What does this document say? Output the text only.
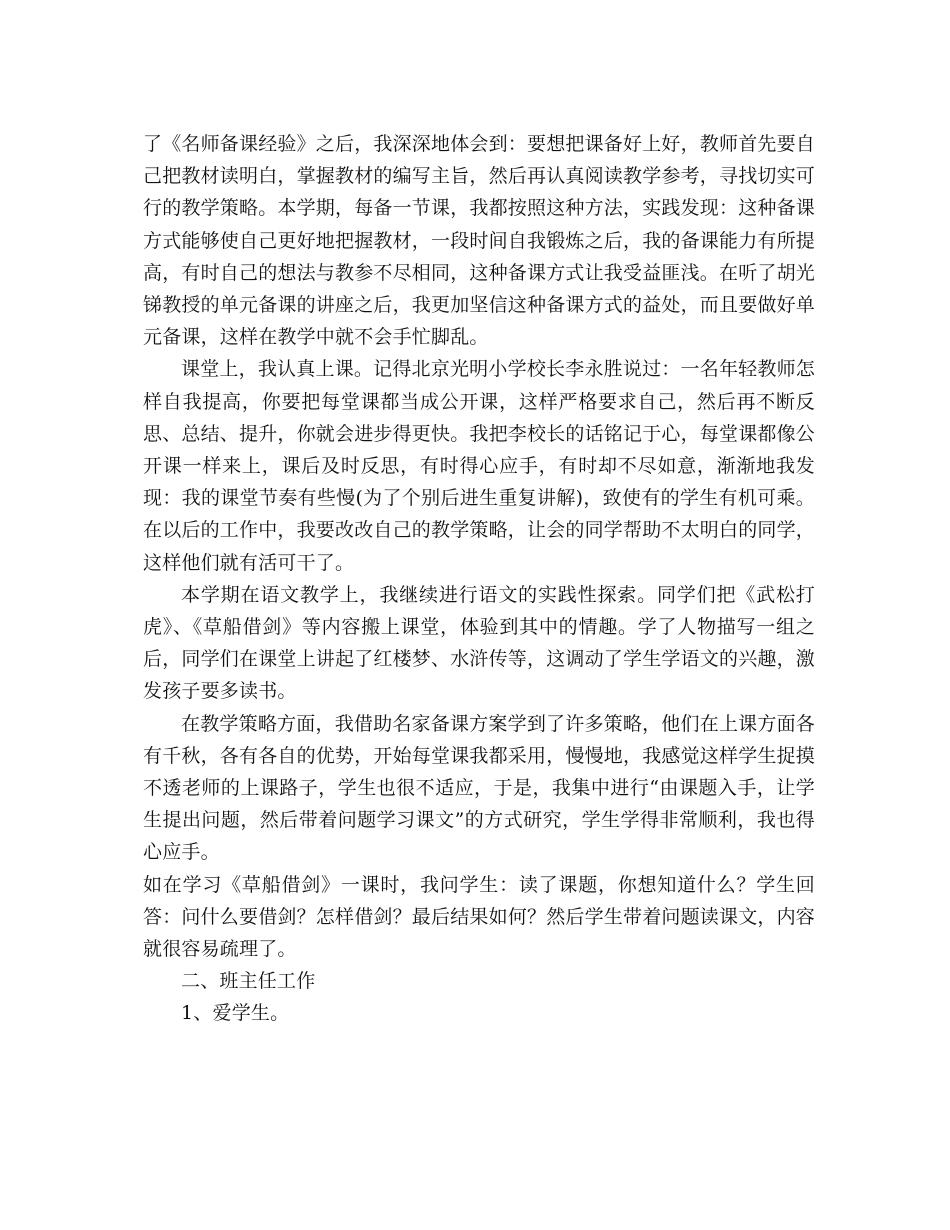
了《名师备课经验》之后，我深深地体会到：要想把课备好上好，教师首先要自己把教材读明白，掌握教材的编写主旨，然后再认真阅读教学参考，寻找切实可行的教学策略。本学期，每备一节课，我都按照这种方法，实践发现：这种备课方式能够使自己更好地把握教材，一段时间自我锻炼之后，我的备课能力有所提高，有时自己的想法与教参不尽相同，这种备课方式让我受益匪浅。在听了胡光锑教授的单元备课的讲座之后，我更加坚信这种备课方式的益处，而且要做好单元备课，这样在教学中就不会手忙脚乱。

课堂上，我认真上课。记得北京光明小学校长李永胜说过：一名年轻教师怎样自我提高，你要把每堂课都当成公开课，这样严格要求自己，然后再不断反思、总结、提升，你就会进步得更快。我把李校长的话铭记于心，每堂课都像公开课一样来上，课后及时反思，有时得心应手，有时却不尽如意，渐渐地我发现：我的课堂节奏有些慢(为了个别后进生重复讲解)，致使有的学生有机可乘。在以后的工作中，我要改改自己的教学策略，让会的同学帮助不太明白的同学，这样他们就有活可干了。

本学期在语文教学上，我继续进行语文的实践性探索。同学们把《武松打虎》、《草船借剑》等内容搬上课堂，体验到其中的情趣。学了人物描写一组之后，同学们在课堂上讲起了红楼梦、水浒传等，这调动了学生学语文的兴趣，激发孩子要多读书。

在教学策略方面，我借助名家备课方案学到了许多策略，他们在上课方面各有千秋，各有各自的优势，开始每堂课我都采用，慢慢地，我感觉这样学生捉摸不透老师的上课路子，学生也很不适应，于是，我集中进行“由课题入手，让学生提出问题，然后带着问题学习课文”的方式研究，学生学得非常顺利，我也得心应手。

如在学习《草船借剑》一课时，我问学生：读了课题，你想知道什么？学生回答：问什么要借剑？怎样借剑？最后结果如何？然后学生带着问题读课文，内容就很容易疏理了。

二、班主任工作

1、爱学生。
